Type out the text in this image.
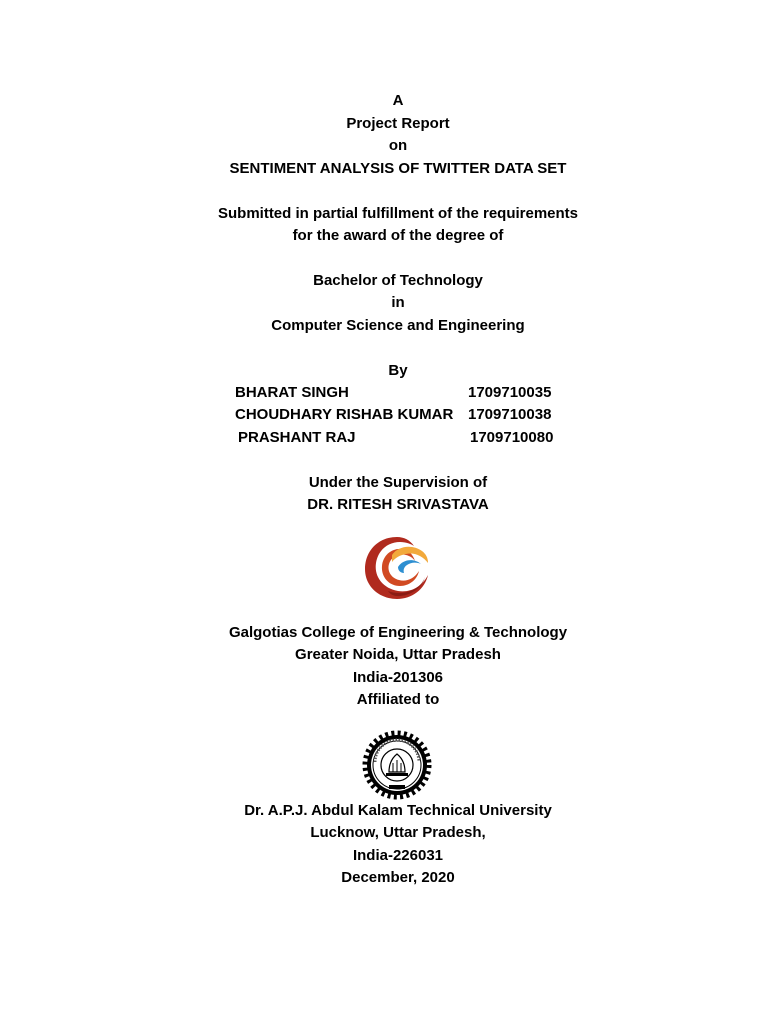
A
Project Report
on
SENTIMENT ANALYSIS OF TWITTER DATA SET
Submitted in partial fulfillment of the requirements
for the award of the degree of
Bachelor of Technology
in
Computer Science and Engineering
By
BHARAT SINGH	1709710035
CHOUDHARY RISHAB KUMAR 1709710038
PRASHANT RAJ	1709710080
Under the Supervision of
DR. RITESH SRIVASTAVA
Galgotias College of Engineering & Technology
Greater Noida, Uttar Pradesh
India-201306
Affiliated to
Dr. A.P.J. Abdul Kalam Technical University
Lucknow, Uttar Pradesh,
India-226031
December, 2020
